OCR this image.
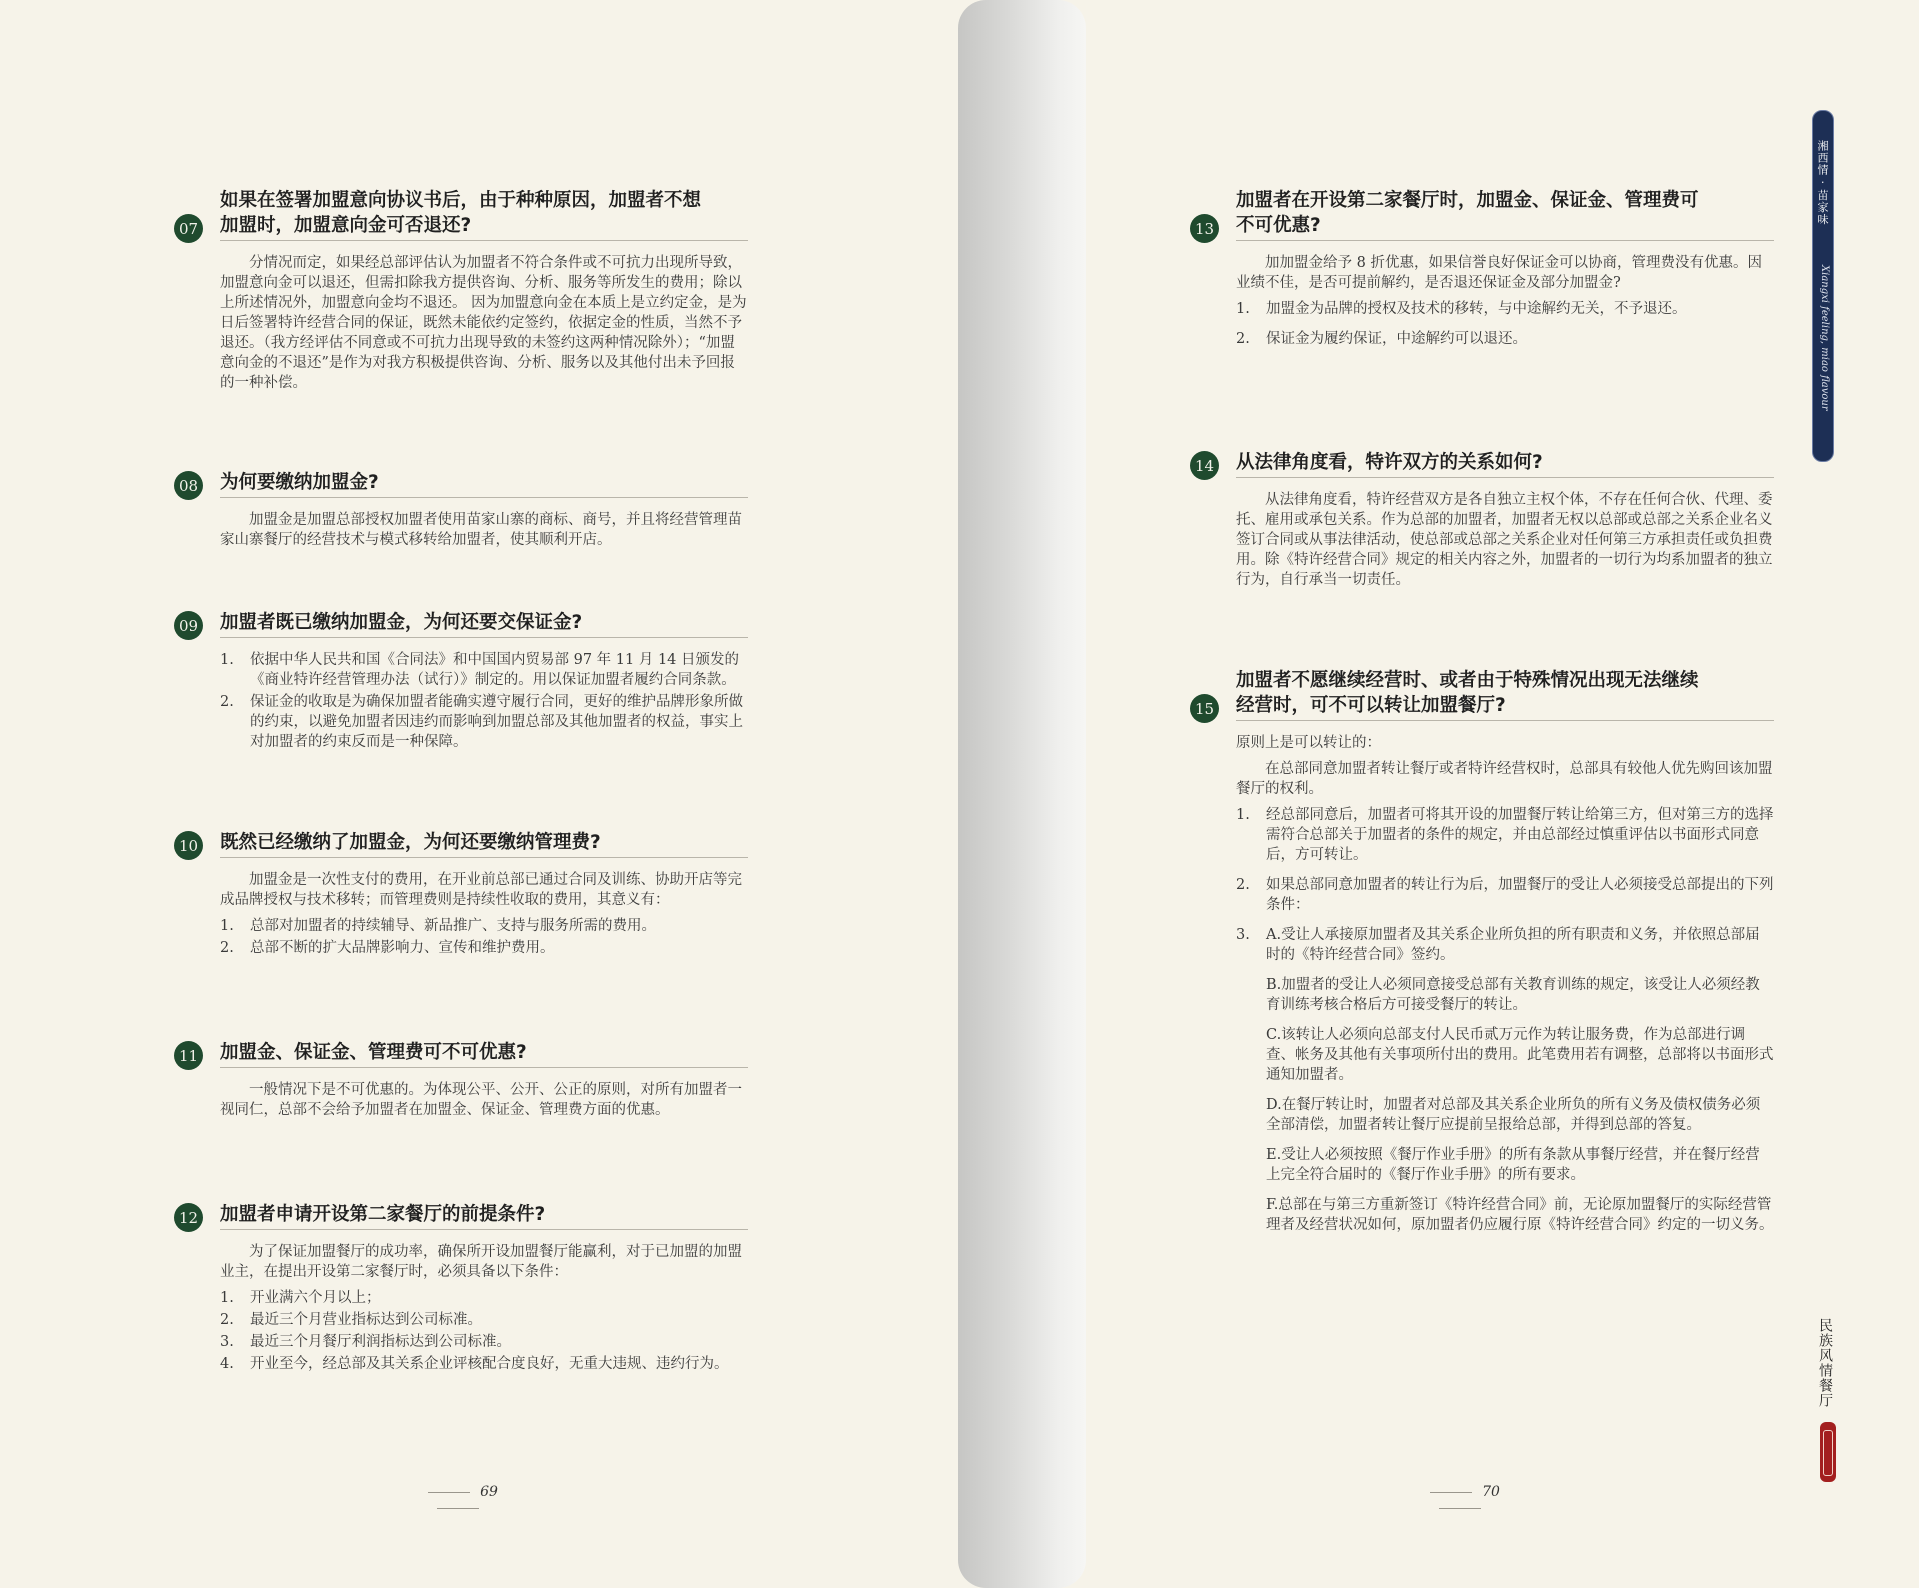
07
如果在签署加盟意向协议书后，由于种种原因，加盟者不想
加盟时，加盟意向金可否退还?

分情况而定，如果经总部评估认为加盟者不符合条件或不可抗力出现所导致，加盟意向金可以退还，但需扣除我方提供咨询、分析、服务等所发生的费用；除以上所述情况外，加盟意向金均不退还。 因为加盟意向金在本质上是立约定金，是为日后签署特许经营合同的保证，既然未能依约定签约，依据定金的性质，当然不予退还。（我方经评估不同意或不可抗力出现导致的未签约这两种情况除外）；“加盟意向金的不退还”是作为对我方积极提供咨询、分析、服务以及其他付出未予回报的一种补偿。

08 为何要缴纳加盟金?

加盟金是加盟总部授权加盟者使用苗家山寨的商标、商号，并且将经营管理苗家山寨餐厅的经营技术与模式移转给加盟者，使其顺利开店。

09 加盟者既已缴纳加盟金，为何还要交保证金?
1. 依据中华人民共和国《合同法》和中国国内贸易部 97 年 11 月 14 日颁发的《商业特许经营管理办法（试行）》制定的。用以保证加盟者履约合同条款。
2. 保证金的收取是为确保加盟者能确实遵守履行合同，更好的维护品牌形象所做的约束，以避免加盟者因违约而影响到加盟总部及其他加盟者的权益，事实上对加盟者的约束反而是一种保障。
10 既然已经缴纳了加盟金，为何还要缴纳管理费?

加盟金是一次性支付的费用，在开业前总部已通过合同及训练、协助开店等完成品牌授权与技术移转；而管理费则是持续性收取的费用，其意义有：

1. 总部对加盟者的持续辅导、新品推广、支持与服务所需的费用。
2. 总部不断的扩大品牌影响力、宣传和维护费用。
11 加盟金、保证金、管理费可不可优惠?

一般情况下是不可优惠的。为体现公平、公开、公正的原则，对所有加盟者一视同仁，总部不会给予加盟者在加盟金、保证金、管理费方面的优惠。

12 加盟者申请开设第二家餐厅的前提条件?

为了保证加盟餐厅的成功率，确保所开设加盟餐厅能赢利，对于已加盟的加盟业主，在提出开设第二家餐厅时，必须具备以下条件：

1. 开业满六个月以上；
2. 最近三个月营业指标达到公司标准。
3. 最近三个月餐厅利润指标达到公司标准。
4. 开业至今，经总部及其关系企业评核配合度良好，无重大违规、违约行为。
69
13
加盟者在开设第二家餐厅时，加盟金、保证金、管理费可
不可优惠?

加加盟金给予 8 折优惠，如果信誉良好保证金可以协商，管理费没有优惠。因业绩不佳，是否可提前解约，是否退还保证金及部分加盟金?

1. 加盟金为品牌的授权及技术的移转，与中途解约无关，不予退还。
2. 保证金为履约保证，中途解约可以退还。
14 从法律角度看，特许双方的关系如何?

从法律角度看，特许经营双方是各自独立主权个体，不存在任何合伙、代理、委托、雇用或承包关系。作为总部的加盟者，加盟者无权以总部或总部之关系企业名义签订合同或从事法律活动，使总部或总部之关系企业对任何第三方承担责任或负担费用。除《特许经营合同》规定的相关内容之外，加盟者的一切行为均系加盟者的独立行为，自行承当一切责任。

15
加盟者不愿继续经营时、或者由于特殊情况出现无法继续
经营时，可不可以转让加盟餐厅?

原则上是可以转让的：

在总部同意加盟者转让餐厅或者特许经营权时，总部具有较他人优先购回该加盟餐厅的权利。

1. 经总部同意后，加盟者可将其开设的加盟餐厅转让给第三方，但对第三方的选择需符合总部关于加盟者的条件的规定，并由总部经过慎重评估以书面形式同意后，方可转让。
2. 如果总部同意加盟者的转让行为后，加盟餐厅的受让人必须接受总部提出的下列条件：
3. A.受让人承接原加盟者及其关系企业所负担的所有职责和义务，并依照总部届时的《特许经营合同》签约。

B.加盟者的受让人必须同意接受总部有关教育训练的规定，该受让人必须经教育训练考核合格后方可接受餐厅的转让。

C.该转让人必须向总部支付人民币贰万元作为转让服务费，作为总部进行调查、帐务及其他有关事项所付出的费用。此笔费用若有调整，总部将以书面形式通知加盟者。

D.在餐厅转让时，加盟者对总部及其关系企业所负的所有义务及债权债务必须全部清偿，加盟者转让餐厅应提前呈报给总部，并得到总部的答复。

E.受让人必须按照《餐厅作业手册》的所有条款从事餐厅经营，并在餐厅经营上完全符合届时的《餐厅作业手册》的所有要求。

F.总部在与第三方重新签订《特许经营合同》前，无论原加盟餐厅的实际经营管理者及经营状况如何，原加盟者仍应履行原《特许经营合同》约定的一切义务。

70
湘西情 · 苗家味
Xiangxi feeling, miao flavour
民族风情餐厅
